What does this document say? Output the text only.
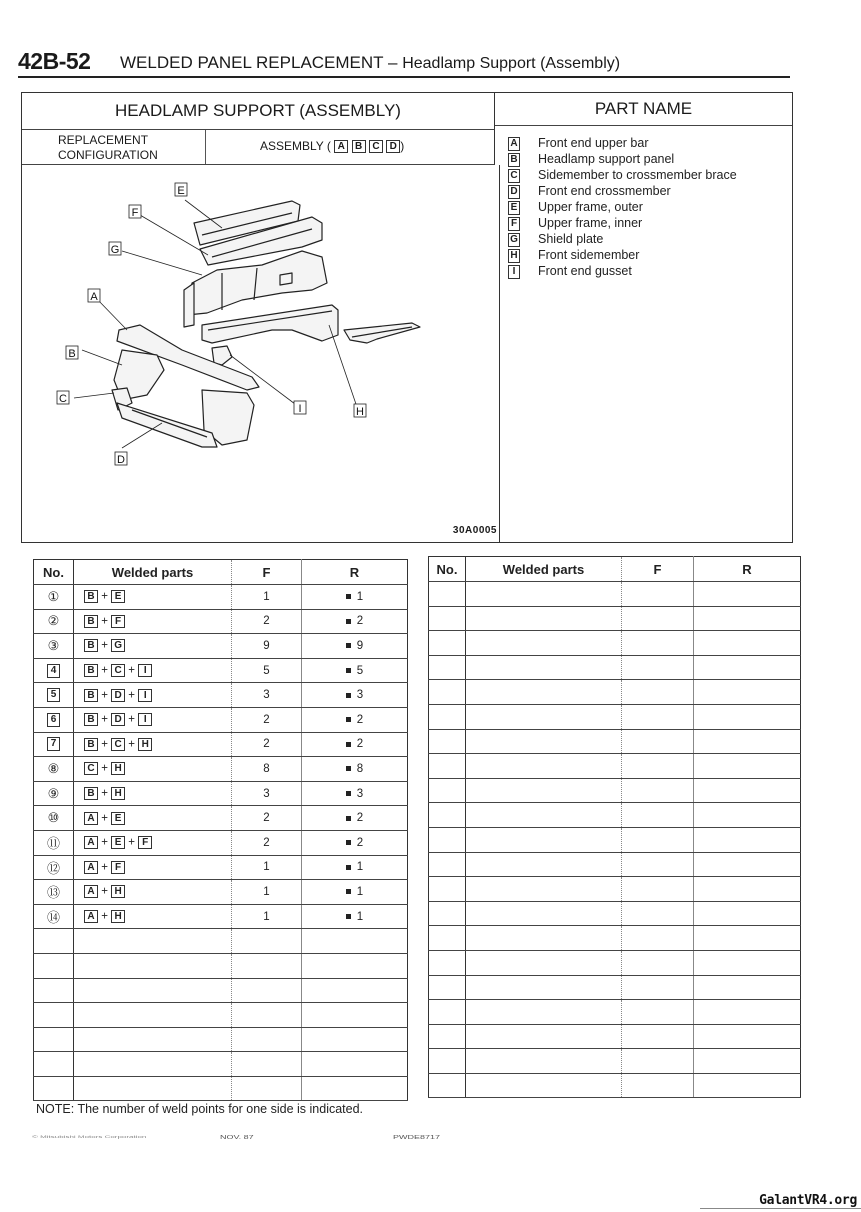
42B-52 WELDED PANEL REPLACEMENT – Headlamp Support (Assembly)
HEADLAMP SUPPORT (ASSEMBLY)
REPLACEMENT
CONFIGURATION
ASSEMBLY ( A B C D )
E
F
G
A
B
C
D
I	H
30A0005
PART NAME
A Front end upper bar
B Headlamp support panel
C Sidemember to crossmember brace
D Front end crossmember
E Upper frame, outer
F Upper frame, inner
G Shield plate
H Front sidemember
I Front end gusset
No.	Welded parts	F	R
①	B + E	1	1
②	B + F	2	2
③	B + G	9	9
4	B + C + I	5	5
5	B + D + I	3	3
6	B + D + I	2	2
7	B + C + H	2	2
⑧	C + H	8	8
⑨	B + H	3	3
⑩	A + E	2	2
⑪	A + E + F	2	2
⑫	A + F	1	1
⑬	A + H	1	1
⑭	A + H	1	1

No.	Welded parts	F	R

NOTE: The number of weld points for one side is indicated.
© Mitsubishi Motors Corporation	NOV. 87	PWDE8717
GalantVR4.org
